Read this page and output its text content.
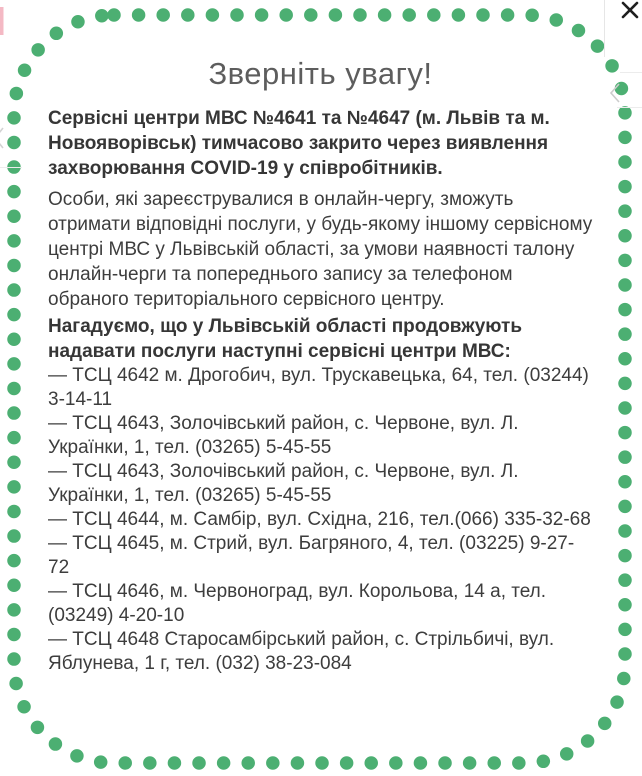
Зверніть увагу!

Сервісні центри МВС №4641 та №4647 (м. Львів та м. Новояворівськ) тимчасово закрито через виявлення захворювання COVID-19 у співробітників.

Особи, які зареєструвалися в онлайн-чергу, зможуть отримати відповідні послуги, у будь-якому іншому сервісному центрі МВС у Львівській області, за умови наявності талону онлайн-черги та попереднього запису за телефоном обраного територіального сервісного центру.

Нагадуємо, що у Львівській області продовжують надавати послуги наступні сервісні центри МВС:

— ТСЦ 4642 м. Дрогобич, вул. Трускавецька, 64, тел. (03244) 3-14-11
— ТСЦ 4643, Золочівський район, с. Червоне, вул. Л. Українки, 1, тел. (03265) 5-45-55
— ТСЦ 4643, Золочівський район, с. Червоне, вул. Л. Українки, 1, тел. (03265) 5-45-55
— ТСЦ 4644, м. Самбір, вул. Східна, 216, тел.(066) 335-32-68
— ТСЦ 4645, м. Стрий, вул. Багряного, 4, тел. (03225) 9-27-72
— ТСЦ 4646, м. Червоноград, вул. Корольова, 14 а, тел. (03249) 4-20-10
— ТСЦ 4648 Старосамбірський район, с. Стрільбичі, вул. Яблунева, 1 г, тел. (032) 38-23-084
